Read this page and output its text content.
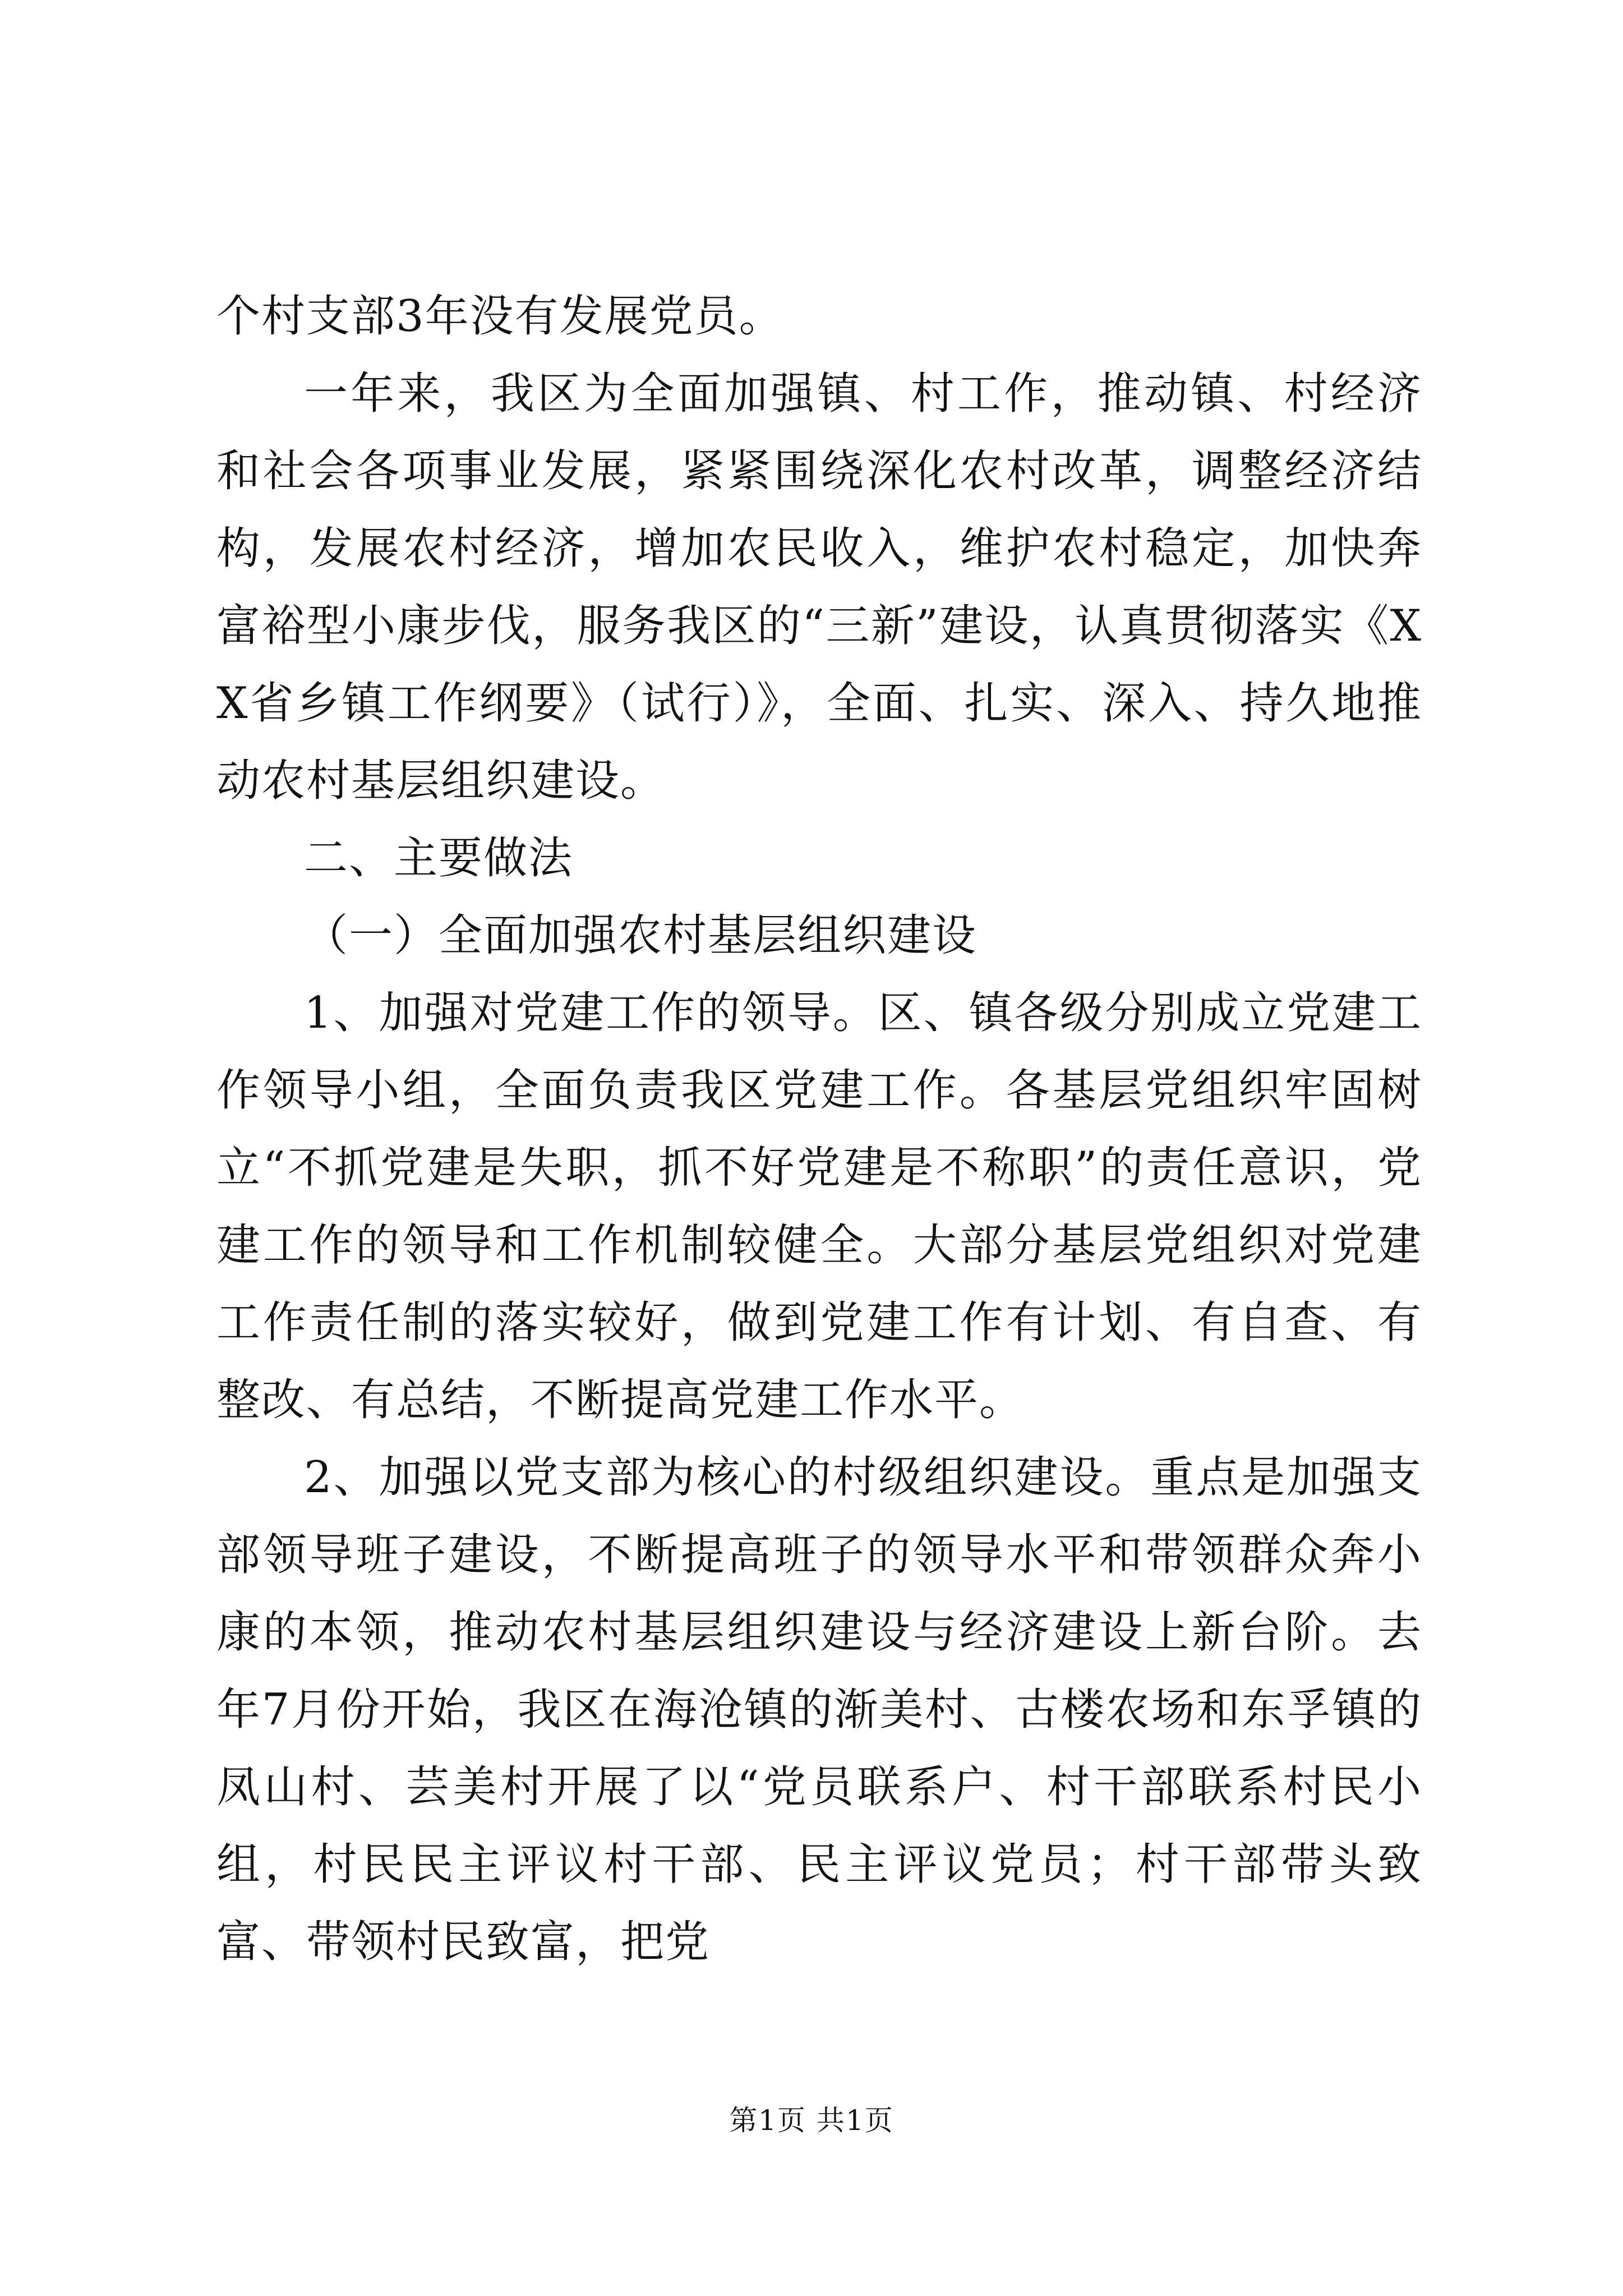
个村支部3年没有发展党员。

一年来，我区为全面加强镇、村工作，推动镇、村经济和社会各项事业发展，紧紧围绕深化农村改革，调整经济结构，发展农村经济，增加农民收入，维护农村稳定，加快奔富裕型小康步伐，服务我区的“三新”建设，认真贯彻落实《XX省乡镇工作纲要》（试行）》，全面、扎实、深入、持久地推动农村基层组织建设。

二、主要做法

（一）全面加强农村基层组织建设

1、加强对党建工作的领导。区、镇各级分别成立党建工作领导小组，全面负责我区党建工作。各基层党组织牢固树立“不抓党建是失职，抓不好党建是不称职”的责任意识，党建工作的领导和工作机制较健全。大部分基层党组织对党建工作责任制的落实较好，做到党建工作有计划、有自查、有整改、有总结，不断提高党建工作水平。

2、加强以党支部为核心的村级组织建设。重点是加强支部领导班子建设，不断提高班子的领导水平和带领群众奔小康的本领，推动农村基层组织建设与经济建设上新台阶。去年7月份开始，我区在海沧镇的渐美村、古楼农场和东孚镇的凤山村、芸美村开展了以“党员联系户、村干部联系村民小组，村民民主评议村干部、民主评议党员；村干部带头致富、带领村民致富，把党

第1页 共1页
